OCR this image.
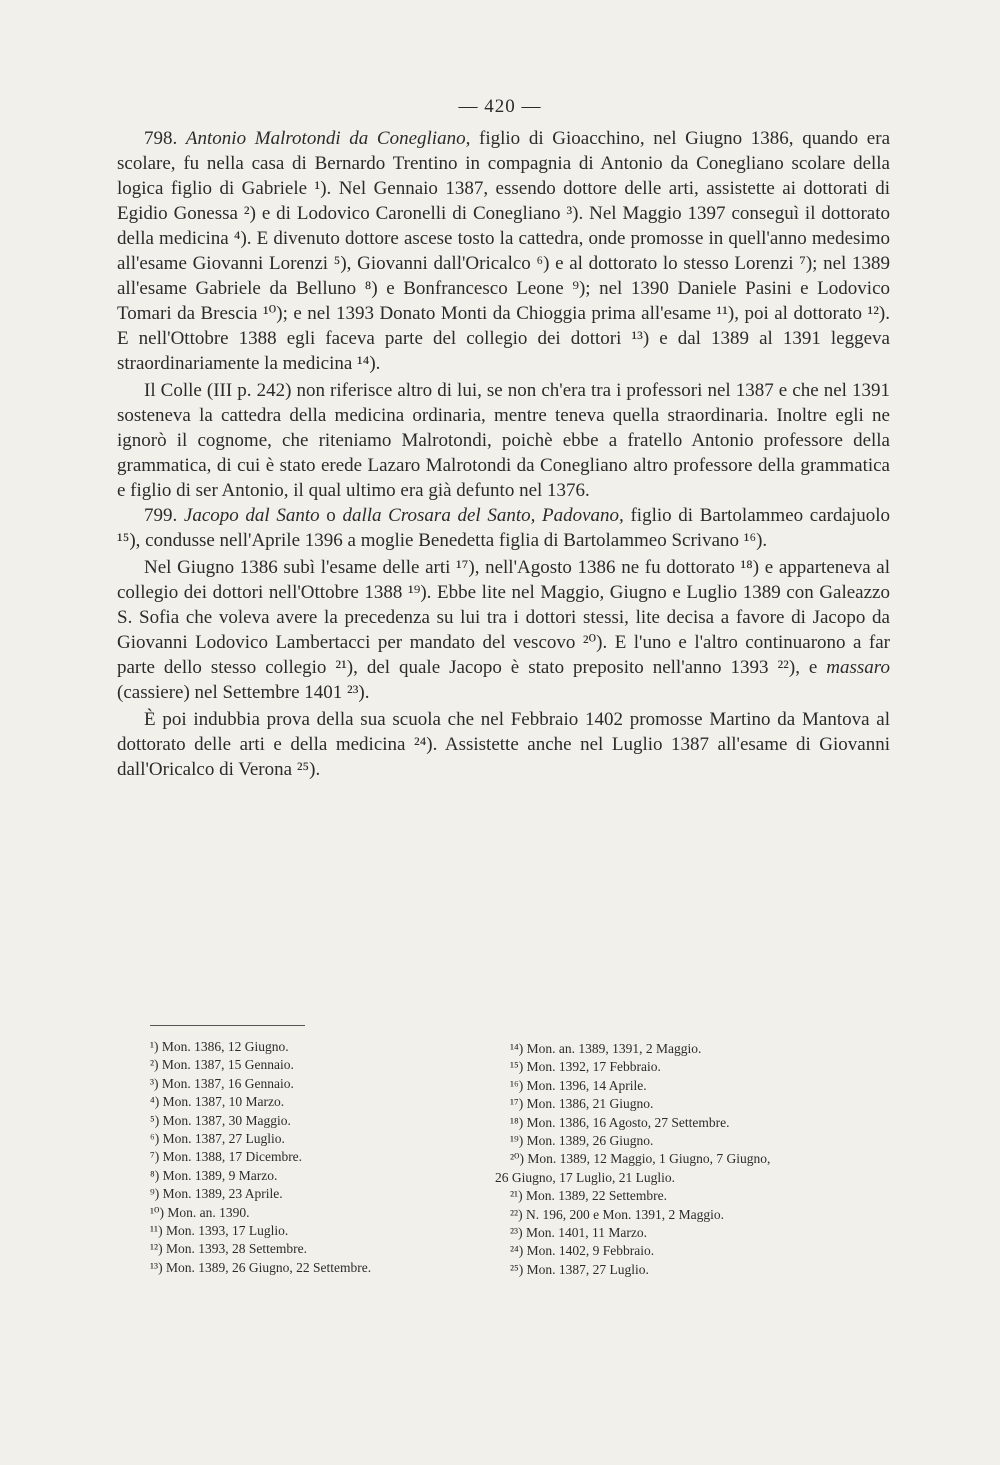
— 420 —

798. Antonio Malrotondi da Conegliano, figlio di Gioacchino, nel Giugno 1386, quando era scolare, fu nella casa di Bernardo Trentino in compagnia di Antonio da Conegliano scolare della logica figlio di Gabriele ¹). Nel Gennaio 1387, essendo dottore delle arti, assistette ai dottorati di Egidio Gonessa ²) e di Lodovico Caronelli di Conegliano ³). Nel Maggio 1397 conseguì il dottorato della medicina ⁴). E divenuto dottore ascese tosto la cattedra, onde promosse in quell'anno medesimo all'esame Giovanni Lorenzi ⁵), Giovanni dall'Oricalco ⁶) e al dottorato lo stesso Lorenzi ⁷); nel 1389 all'esame Gabriele da Belluno ⁸) e Bonfrancesco Leone ⁹); nel 1390 Daniele Pasini e Lodovico Tomari da Brescia ¹⁰); e nel 1393 Donato Monti da Chioggia prima all'esame ¹¹), poi al dottorato ¹²). E nell'Ottobre 1388 egli faceva parte del collegio dei dottori ¹³) e dal 1389 al 1391 leggeva straordinariamente la medicina ¹⁴).

Il Colle (III p. 242) non riferisce altro di lui, se non ch'era tra i professori nel 1387 e che nel 1391 sosteneva la cattedra della medicina ordinaria, mentre teneva quella straordinaria. Inoltre egli ne ignorò il cognome, che riteniamo Malrotondi, poichè ebbe a fratello Antonio professore della grammatica, di cui è stato erede Lazaro Malrotondi da Conegliano altro professore della grammatica e figlio di ser Antonio, il qual ultimo era già defunto nel 1376.

799. Jacopo dal Santo o dalla Crosara del Santo, Padovano, figlio di Bartolammeo cardajuolo ¹⁵), condusse nell'Aprile 1396 a moglie Benedetta figlia di Bartolammeo Scrivano ¹⁶).

Nel Giugno 1386 subì l'esame delle arti ¹⁷), nell'Agosto 1386 ne fu dottorato ¹⁸) e apparteneva al collegio dei dottori nell'Ottobre 1388 ¹⁹). Ebbe lite nel Maggio, Giugno e Luglio 1389 con Galeazzo S. Sofia che voleva avere la precedenza su lui tra i dottori stessi, lite decisa a favore di Jacopo da Giovanni Lodovico Lambertacci per mandato del vescovo ²⁰). E l'uno e l'altro continuarono a far parte dello stesso collegio ²¹), del quale Jacopo è stato preposito nell'anno 1393 ²²), e massaro (cassiere) nel Settembre 1401 ²³).

È poi indubbia prova della sua scuola che nel Febbraio 1402 promosse Martino da Mantova al dottorato delle arti e della medicina ²⁴). Assistette anche nel Luglio 1387 all'esame di Giovanni dall'Oricalco di Verona ²⁵).

¹) Mon. 1386, 12 Giugno.
²) Mon. 1387, 15 Gennaio.
³) Mon. 1387, 16 Gennaio.
⁴) Mon. 1387, 10 Marzo.
⁵) Mon. 1387, 30 Maggio.
⁶) Mon. 1387, 27 Luglio.
⁷) Mon. 1388, 17 Dicembre.
⁸) Mon. 1389, 9 Marzo.
⁹) Mon. 1389, 23 Aprile.
¹⁰) Mon. an. 1390.
¹¹) Mon. 1393, 17 Luglio.
¹²) Mon. 1393, 28 Settembre.
¹³) Mon. 1389, 26 Giugno, 22 Settembre.
¹⁴) Mon. an. 1389, 1391, 2 Maggio.
¹⁵) Mon. 1392, 17 Febbraio.
¹⁶) Mon. 1396, 14 Aprile.
¹⁷) Mon. 1386, 21 Giugno.
¹⁸) Mon. 1386, 16 Agosto, 27 Settembre.
¹⁹) Mon. 1389, 26 Giugno.
²⁰) Mon. 1389, 12 Maggio, 1 Giugno, 7 Giugno,
26 Giugno, 17 Luglio, 21 Luglio.
²¹) Mon. 1389, 22 Settembre.
²²) N. 196, 200 e Mon. 1391, 2 Maggio.
²³) Mon. 1401, 11 Marzo.
²⁴) Mon. 1402, 9 Febbraio.
²⁵) Mon. 1387, 27 Luglio.
